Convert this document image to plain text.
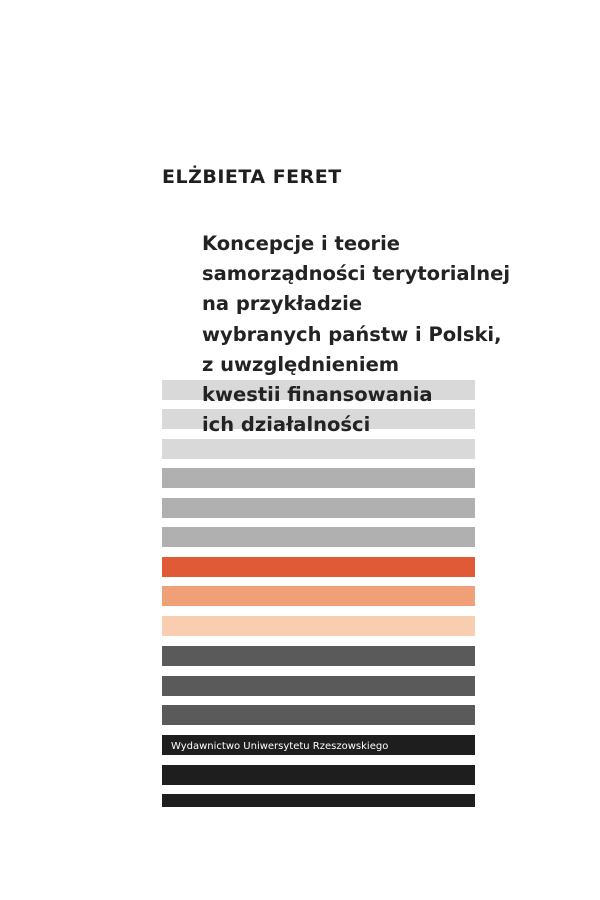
ELŻBIETA FERET
Koncepcje i teorie
samorządności terytorialnej
na przykładzie
wybranych państw i Polski,
z uwzględnieniem
kwestii finansowania
ich działalności
Wydawnictwo Uniwersytetu Rzeszowskiego
